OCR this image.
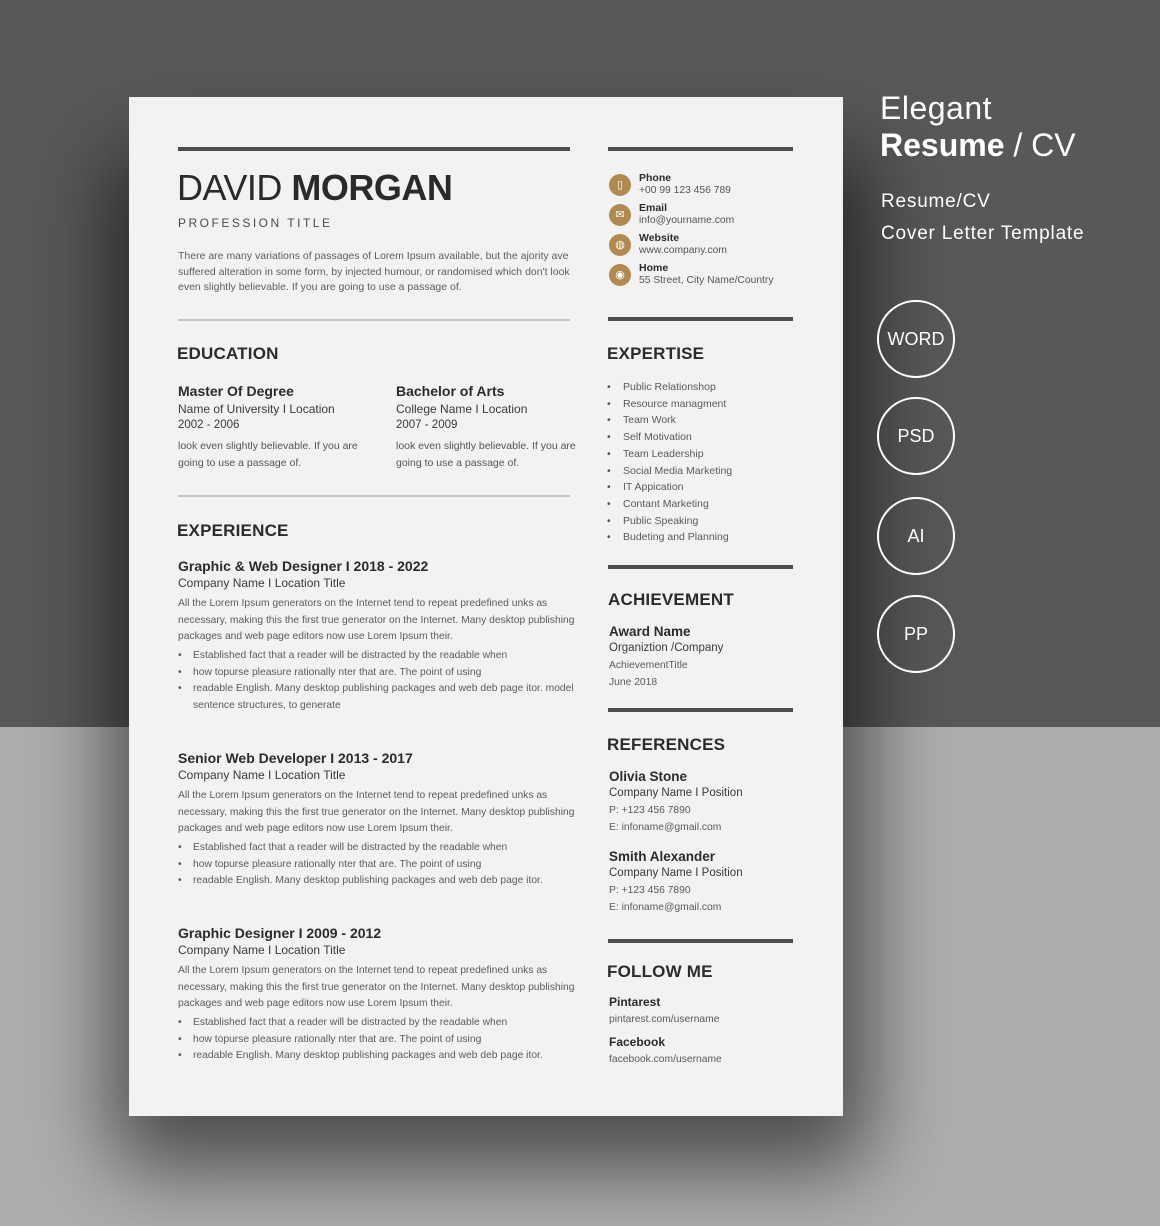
DAVID MORGAN
PROFESSION TITLE
There are many variations of passages of Lorem Ipsum available, but the ajority ave suffered alteration in some form, by injected humour, or randomised which don't look even slightly believable. If you are going to use a passage of.
EDUCATION
Master Of Degree
Name of University I Location
2002 - 2006
look even slightly believable. If you are going to use a passage of.
Bachelor of Arts
College Name I Location
2007 - 2009
look even slightly believable. If you are going to use a passage of.
EXPERIENCE
Graphic & Web Designer I 2018 - 2022
Company Name I Location Title
All the Lorem Ipsum generators on the Internet tend to repeat predefined unks as necessary, making this the first true generator on the Internet. Many desktop publishing packages and web page editors now use Lorem Ipsum their.
• Established fact that a reader will be distracted by the readable when
• how topurse pleasure rationally nter that are. The point of using
• readable English. Many desktop publishing packages and web deb page itor. model sentence structures, to generate
Senior Web Developer I 2013 - 2017
Company Name I Location Title
All the Lorem Ipsum generators on the Internet tend to repeat predefined unks as necessary, making this the first true generator on the Internet. Many desktop publishing packages and web page editors now use Lorem Ipsum their.
• Established fact that a reader will be distracted by the readable when
• how topurse pleasure rationally nter that are. The point of using
• readable English. Many desktop publishing packages and web deb page itor.
Graphic Designer I 2009 - 2012
Company Name I Location Title
All the Lorem Ipsum generators on the Internet tend to repeat predefined unks as necessary, making this the first true generator on the Internet. Many desktop publishing packages and web page editors now use Lorem Ipsum their.
• Established fact that a reader will be distracted by the readable when
• how topurse pleasure rationally nter that are. The point of using
• readable English. Many desktop publishing packages and web deb page itor.
▯
Phone
+00 99 123 456 789
✉
Email
info@yourname.com
◍
Website
www.company.com
◉
Home
55 Street, City Name/Country
EXPERTISE
• Public Relationshop
• Resource managment
• Team Work
• Self Motivation
• Team Leadership
• Social Media Marketing
• IT Appication
• Contant Marketing
• Public Speaking
• Budeting and Planning
ACHIEVEMENT
Award Name
Organiztion /Company
AchievementTitle
June 2018
REFERENCES
Olivia Stone
Company Name I Position
P: +123 456 7890
E: infoname@gmail.com
Smith Alexander
Company Name I Position
P: +123 456 7890
E: infoname@gmail.com
FOLLOW ME
Pintarest
pintarest.com/username
Facebook
facebook.com/username
Elegant
Resume / CV
Resume/CV
Cover Letter Template
WORD
PSD
AI
PP
